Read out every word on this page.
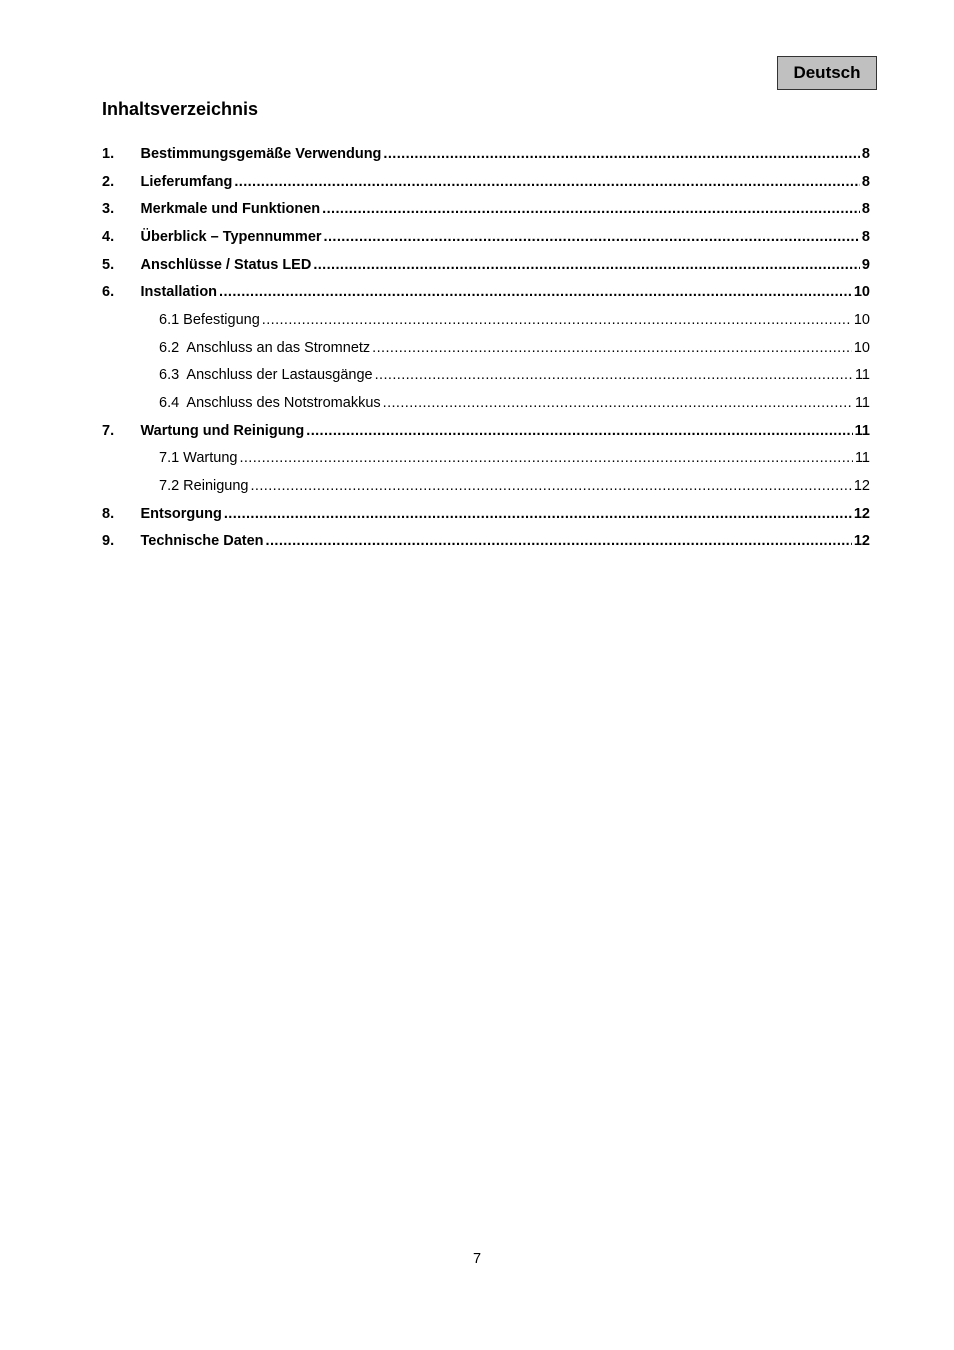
Deutsch
Inhaltsverzeichnis
1.	Bestimmungsgemäße Verwendung .....	8
2.	Lieferumfang .....	8
3.	Merkmale und Funktionen .....	8
4.	Überblick – Typennummer .....	8
5.	Anschlüsse / Status LED .....	9
6.	Installation .....	10
6.1 Befestigung .....	10
6.2  Anschluss an das Stromnetz .....	10
6.3  Anschluss der Lastausgänge .....	11
6.4  Anschluss des Notstromakkus .....	11
7.	Wartung und Reinigung .....	11
7.1 Wartung .....	11
7.2 Reinigung .....	12
8.	Entsorgung .....	12
9.	Technische Daten .....	12
7
